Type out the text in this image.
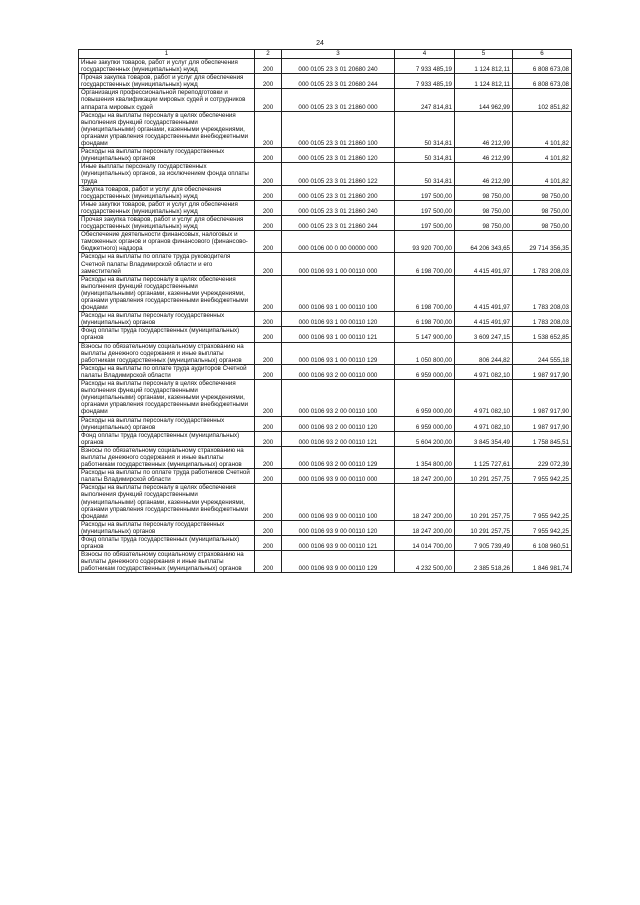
24
1	2	3	4	5	6
Иные закупки товаров, работ и услуг для обеспечения государственных (муниципальных) нужд	200	000 0105 23 3 01 20680 240	7 933 485,19	1 124 812,11	6 808 673,08
Прочая закупка товаров, работ и услуг для обеспечения государственных (муниципальных) нужд	200	000 0105 23 3 01 20680 244	7 933 485,19	1 124 812,11	6 808 673,08
Организация профессиональной переподготовки и повышения квалификации мировых судей и сотрудников аппарата мировых судей	200	000 0105 23 3 01 21860 000	247 814,81	144 962,99	102 851,82
Расходы на выплаты персоналу в целях обеспечения выполнения функций государственными (муниципальными) органами, казенными учреждениями, органами управления государственными внебюджетными фондами	200	000 0105 23 3 01 21860 100	50 314,81	46 212,99	4 101,82
Расходы на выплаты персоналу государственных (муниципальных) органов	200	000 0105 23 3 01 21860 120	50 314,81	46 212,99	4 101,82
Иные выплаты персоналу государственных (муниципальных) органов, за исключением фонда оплаты труда	200	000 0105 23 3 01 21860 122	50 314,81	46 212,99	4 101,82
Закупка товаров, работ и услуг для обеспечения государственных (муниципальных) нужд	200	000 0105 23 3 01 21860 200	197 500,00	98 750,00	98 750,00
Иные закупки товаров, работ и услуг для обеспечения государственных (муниципальных) нужд	200	000 0105 23 3 01 21860 240	197 500,00	98 750,00	98 750,00
Прочая закупка товаров, работ и услуг для обеспечения государственных (муниципальных) нужд	200	000 0105 23 3 01 21860 244	197 500,00	98 750,00	98 750,00
Обеспечение деятельности финансовых, налоговых и таможенных органов и органов финансового (финансово-бюджетного) надзора	200	000 0106 00 0 00 00000 000	93 920 700,00	64 206 343,65	29 714 356,35
Расходы на выплаты по оплате труда руководителя Счетной палаты Владимирской области и его заместителей	200	000 0106 93 1 00 00110 000	6 198 700,00	4 415 491,97	1 783 208,03
Расходы на выплаты персоналу в целях обеспечения выполнения функций государственными (муниципальными) органами, казенными учреждениями, органами управления государственными внебюджетными фондами	200	000 0106 93 1 00 00110 100	6 198 700,00	4 415 491,97	1 783 208,03
Расходы на выплаты персоналу государственных (муниципальных) органов	200	000 0106 93 1 00 00110 120	6 198 700,00	4 415 491,97	1 783 208,03
Фонд оплаты труда государственных (муниципальных) органов	200	000 0106 93 1 00 00110 121	5 147 900,00	3 609 247,15	1 538 652,85
Взносы по обязательному социальному страхованию на выплаты денежного содержания и иные выплаты работникам государственных (муниципальных) органов	200	000 0106 93 1 00 00110 129	1 050 800,00	806 244,82	244 555,18
Расходы на выплаты по оплате труда аудиторов Счетной палаты Владимирской области	200	000 0106 93 2 00 00110 000	6 959 000,00	4 971 082,10	1 987 917,90
Расходы на выплаты персоналу в целях обеспечения выполнения функций государственными (муниципальными) органами, казенными учреждениями, органами управления государственными внебюджетными фондами	200	000 0106 93 2 00 00110 100	6 959 000,00	4 971 082,10	1 987 917,90
Расходы на выплаты персоналу государственных (муниципальных) органов	200	000 0106 93 2 00 00110 120	6 959 000,00	4 971 082,10	1 987 917,90
Фонд оплаты труда государственных (муниципальных) органов	200	000 0106 93 2 00 00110 121	5 604 200,00	3 845 354,49	1 758 845,51
Взносы по обязательному социальному страхованию на выплаты денежного содержания и иные выплаты работникам государственных (муниципальных) органов	200	000 0106 93 2 00 00110 129	1 354 800,00	1 125 727,61	229 072,39
Расходы на выплаты по оплате труда работников Счетной палаты Владимирской области	200	000 0106 93 9 00 00110 000	18 247 200,00	10 291 257,75	7 955 942,25
Расходы на выплаты персоналу в целях обеспечения выполнения функций государственными (муниципальными) органами, казенными учреждениями, органами управления государственными внебюджетными фондами	200	000 0106 93 9 00 00110 100	18 247 200,00	10 291 257,75	7 955 942,25
Расходы на выплаты персоналу государственных (муниципальных) органов	200	000 0106 93 9 00 00110 120	18 247 200,00	10 291 257,75	7 955 942,25
Фонд оплаты труда государственных (муниципальных) органов	200	000 0106 93 9 00 00110 121	14 014 700,00	7 905 739,49	6 108 960,51
Взносы по обязательному социальному страхованию на выплаты денежного содержания и иные выплаты работникам государственных (муниципальных) органов	200	000 0106 93 9 00 00110 129	4 232 500,00	2 385 518,26	1 846 981,74
